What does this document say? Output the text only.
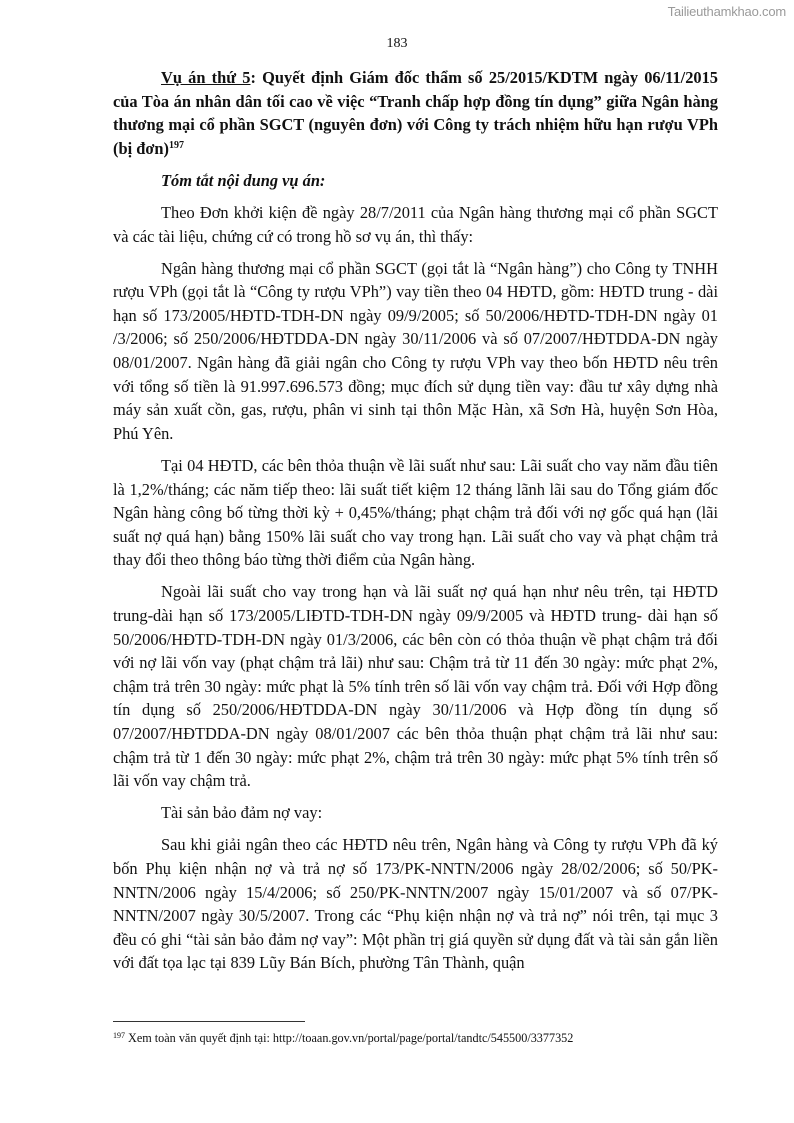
Tailieuthamkhao.com
183

Vụ án thứ 5: Quyết định Giám đốc thẩm số 25/2015/KDTM ngày 06/11/2015 của Tòa án nhân dân tối cao về việc “Tranh chấp hợp đồng tín dụng” giữa Ngân hàng thương mại cổ phần SGCT (nguyên đơn) với Công ty trách nhiệm hữu hạn rượu VPh (bị đơn)$^{197}$

Tóm tắt nội dung vụ án:

Theo Đơn khởi kiện đề ngày 28/7/2011 của Ngân hàng thương mại cổ phần SGCT và các tài liệu, chứng cứ có trong hồ sơ vụ án, thì thấy:

Ngân hàng thương mại cổ phần SGCT (gọi tắt là “Ngân hàng”) cho Công ty TNHH rượu VPh (gọi tắt là “Công ty rượu VPh”) vay tiền theo 04 HĐTD, gồm: HĐTD trung - dài hạn số 173/2005/HĐTD-TDH-DN ngày 09/9/2005; số 50/2006/HĐTD-TDH-DN ngày 01 /3/2006; số 250/2006/HĐTDDA-DN ngày 30/11/2006 và số 07/2007/HĐTDDA-DN ngày 08/01/2007. Ngân hàng đã giải ngân cho Công ty rượu VPh vay theo bốn HĐTD nêu trên với tổng số tiền là 91.997.696.573 đồng; mục đích sử dụng tiền vay: đầu tư xây dựng nhà máy sản xuất cồn, gas, rượu, phân vi sinh tại thôn Mặc Hàn, xã Sơn Hà, huyện Sơn Hòa, Phú Yên.

Tại 04 HĐTD, các bên thỏa thuận về lãi suất như sau: Lãi suất cho vay năm đầu tiên là 1,2%/tháng; các năm tiếp theo: lãi suất tiết kiệm 12 tháng lãnh lãi sau do Tổng giám đốc Ngân hàng công bố từng thời kỳ + 0,45%/tháng; phạt chậm trả đối với nợ gốc quá hạn (lãi suất nợ quá hạn) bằng 150% lãi suất cho vay trong hạn. Lãi suất cho vay và phạt chậm trả thay đổi theo thông báo từng thời điểm của Ngân hàng.

Ngoài lãi suất cho vay trong hạn và lãi suất nợ quá hạn như nêu trên, tại HĐTD trung-dài hạn số 173/2005/LIĐTD-TDH-DN ngày 09/9/2005 và HĐTD trung- dài hạn số 50/2006/HĐTD-TDH-DN ngày 01/3/2006, các bên còn có thỏa thuận về phạt chậm trả đối với nợ lãi vốn vay (phạt chậm trả lãi) như sau: Chậm trả từ 11 đến 30 ngày: mức phạt 2%, chậm trả trên 30 ngày: mức phạt là 5% tính trên số lãi vốn vay chậm trả. Đối với Hợp đồng tín dụng số 250/2006/HĐTDDA-DN ngày 30/11/2006 và Hợp đồng tín dụng số 07/2007/HĐTDDA-DN ngày 08/01/2007 các bên thỏa thuận phạt chậm trả lãi như sau: chậm trả từ 1 đến 30 ngày: mức phạt 2%, chậm trả trên 30 ngày: mức phạt 5% tính trên số lãi vốn vay chậm trả.

Tài sản bảo đảm nợ vay:

Sau khi giải ngân theo các HĐTD nêu trên, Ngân hàng và Công ty rượu VPh đã ký bốn Phụ kiện nhận nợ và trả nợ số 173/PK-NNTN/2006 ngày 28/02/2006; số 50/PK-NNTN/2006 ngày 15/4/2006; số 250/PK-NNTN/2007 ngày 15/01/2007 và số 07/PK-NNTN/2007 ngày 30/5/2007. Trong các “Phụ kiện nhận nợ và trả nợ” nói trên, tại mục 3 đều có ghi “tài sản bảo đảm nợ vay”: Một phần trị giá quyền sử dụng đất và tài sản gắn liền với đất tọa lạc tại 839 Lũy Bán Bích, phường Tân Thành, quận

$^{197}$ Xem toàn văn quyết định tại: http://toaan.gov.vn/portal/page/portal/tandtc/545500/3377352
